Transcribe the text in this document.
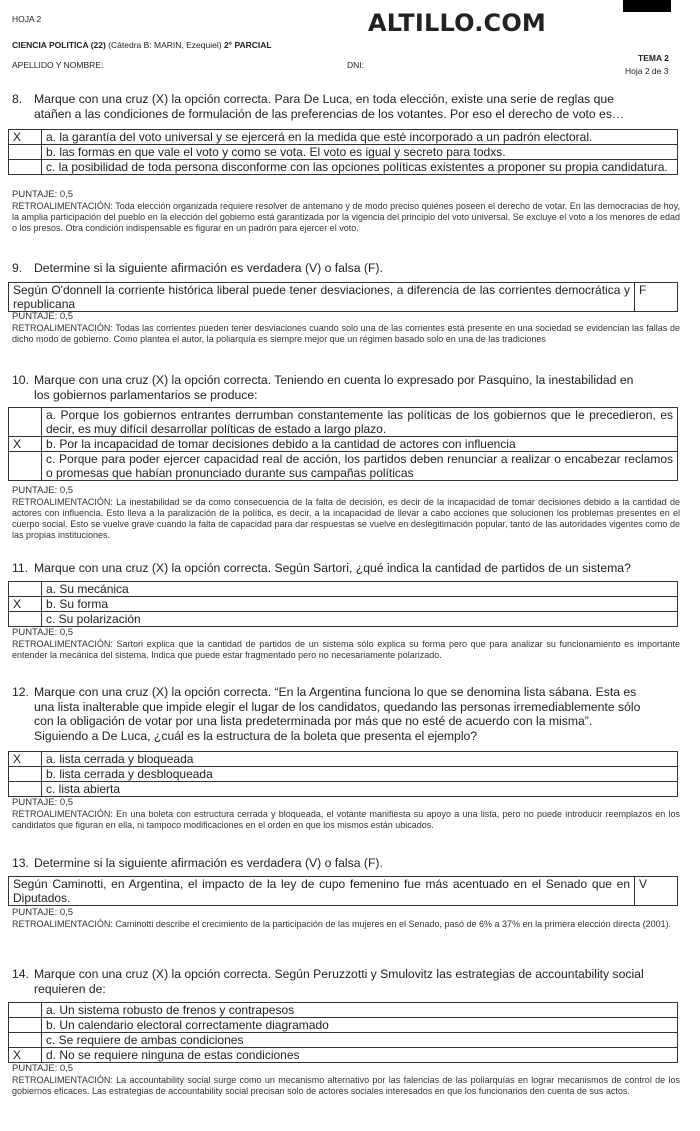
HOJA 2	ALTILLO.COM
CIENCIA POLITICA (22) (Cátedra B: MARIN, Ezequiel) 2° PARCIAL
APELLIDO Y NOMBRE:	DNI:
TEMA 2
Hoja 2 de 3
8. Marque con una cruz (X) la opción correcta. Para De Luca, en toda elección, existe una serie de reglas que
atañen a las condiciones de formulación de las preferencias de los votantes. Por eso el derecho de voto es…
X	a. la garantía del voto universal y se ejercerá en la medida que esté incorporado a un padrón electoral.
	b. las formas en que vale el voto y como se vota. El voto es igual y secreto para todxs.
	c. la posibilidad de toda persona disconforme con las opciones políticas existentes a proponer su propia candidatura.
PUNTAJE: 0,5
RETROALIMENTACIÓN: Toda elección organizada requiere resolver de antemano y de modo preciso quiénes poseen el derecho de votar. En las democracias de hoy, la amplia participación del pueblo en la elección del gobierno está garantizada por la vigencia del principio del voto universal. Se excluye el voto a los menores de edad o los presos. Otra condición indispensable es figurar en un padrón para ejercer el voto.
9. Determine si la siguiente afirmación es verdadera (V) o falsa (F).
Según O'donnell la corriente histórica liberal puede tener desviaciones, a diferencia de las corrientes democrática y republicana	F
PUNTAJE: 0,5
RETROALIMENTACIÓN: Todas las corrientes pueden tener desviaciones cuando solo una de las corrientes está presente en una sociedad se evidencian las fallas de dicho modo de gobierno. Como plantea el autor, la poliarquía es siempre mejor que un régimen basado solo en una de las tradiciones
10. Marque con una cruz (X) la opción correcta. Teniendo en cuenta lo expresado por Pasquino, la inestabilidad en
los gobiernos parlamentarios se produce:
	a. Porque los gobiernos entrantes derrumban constantemente las políticas de los gobiernos que le precedieron, es decir, es muy difícil desarrollar políticas de estado a largo plazo.
X	b. Por la incapacidad de tomar decisiones debido a la cantidad de actores con influencia
	c. Porque para poder ejercer capacidad real de acción, los partidos deben renunciar a realizar o encabezar reclamos o promesas que habían pronunciado durante sus campañas políticas
PUNTAJE: 0,5
RETROALIMENTACIÓN: La inestabilidad se da como consecuencia de la falta de decisión, es decir de la incapacidad de tomar decisiones debido a la cantidad de actores con influencia. Esto lleva a la paralización de la política, es decir, a la incapacidad de llevar a cabo acciones que solucionen los problemas presentes en el cuerpo social. Esto se vuelve grave cuando la falta de capacidad para dar respuestas se vuelve en deslegitimación popular, tanto de las autoridades vigentes como de las propias instituciones.
11. Marque con una cruz (X) la opción correcta. Según Sartori, ¿qué indica la cantidad de partidos de un sistema?
	a. Su mecánica
X	b. Su forma
	c. Su polarización
PUNTAJE: 0,5
RETROALIMENTACIÓN: Sartori explica que la cantidad de partidos de un sistema sólo explica su forma pero que para analizar su funcionamiento es importante entender la mecánica del sistema. Indica que puede estar fragmentado pero no necesariamente polarizado.
12. Marque con una cruz (X) la opción correcta. “En la Argentina funciona lo que se denomina lista sábana. Esta es
una lista inalterable que impide elegir el lugar de los candidatos, quedando las personas irremediablemente sólo
con la obligación de votar por una lista predeterminada por más que no esté de acuerdo con la misma”.
Siguiendo a De Luca, ¿cuál es la estructura de la boleta que presenta el ejemplo?
X	a. lista cerrada y bloqueada
	b. lista cerrada y desbloqueada
	c. lista abierta
PUNTAJE: 0,5
RETROALIMENTACIÓN: En una boleta con estructura cerrada y bloqueada, el votante manifiesta su apoyo a una lista, pero no puede introducir reemplazos en los candidatos que figuran en ella, ni tampoco modificaciones en el orden en que los mismos están ubicados.
13. Determine si la siguiente afirmación es verdadera (V) o falsa (F).
Según Caminotti, en Argentina, el impacto de la ley de cupo femenino fue más acentuado en el Senado que en Diputados.	V
PUNTAJE: 0,5
RETROALIMENTACIÓN: Caminotti describe el crecimiento de la participación de las mujeres en el Senado, pasó de 6% a 37% en la primera elección directa (2001).
14. Marque con una cruz (X) la opción correcta. Según Peruzzotti y Smulovitz las estrategias de accountability social
requieren de:
	a. Un sistema robusto de frenos y contrapesos
	b. Un calendario electoral correctamente diagramado
	c. Se requiere de ambas condiciones
X	d. No se requiere ninguna de estas condiciones
PUNTAJE: 0,5
RETROALIMENTACIÓN: La accountability social surge como un mecanismo alternativo por las falencias de las poliarquías en lograr mecanismos de control de los gobiernos eficaces. Las estrategias de accountability social precisan solo de actores sociales interesados en que los funcionarios den cuenta de sus actos.
